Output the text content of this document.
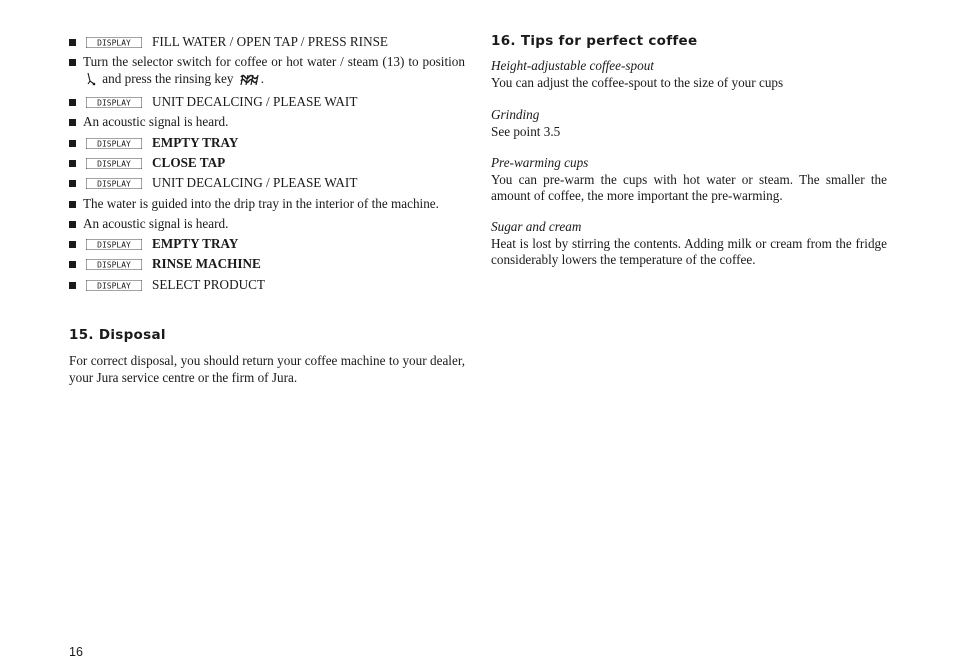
DISPLAY FILL WATER / OPEN TAP / PRESS RINSE
Turn the selector switch for coffee or hot water / steam (13) to position  and press the rinsing key .
DISPLAY UNIT DECALCING / PLEASE WAIT
An acoustic signal is heard.
DISPLAY EMPTY TRAY
DISPLAY CLOSE TAP
DISPLAY UNIT DECALCING / PLEASE WAIT
The water is guided into the drip tray in the interior of the machine.
An acoustic signal is heard.
DISPLAY EMPTY TRAY
DISPLAY RINSE MACHINE
DISPLAY SELECT PRODUCT
15. Disposal

For correct disposal, you should return your coffee machine to your dealer, your Jura service centre or the firm of Jura.

16. Tips for perfect coffee
Height-adjustable coffee-spout
You can adjust the coffee-spout to the size of your cups
Grinding
See point 3.5
Pre-warming cups
You can pre-warm the cups with hot water or steam. The smaller the amount of coffee, the more important the pre-warming.
Sugar and cream
Heat is lost by stirring the contents. Adding milk or cream from the fridge considerably lowers the temperature of the coffee.
16
